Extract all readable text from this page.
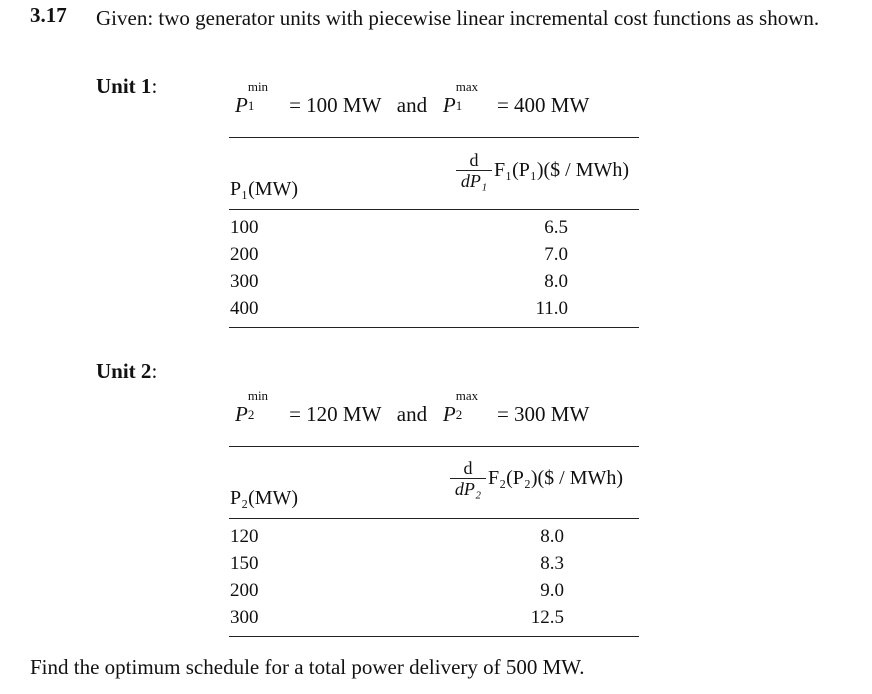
3.17 Given: two generator units with piecewise linear incremental cost functions as shown.
Unit 1:
P
min
1 = 100 MW and P
max
1 = 400 MW
P₁(MW)	$\frac{d}{\text{dP₁}}$ F₁(P₁)($ / MWh)
100
200
300
400
6.5
7.0
8.0
11.0
Unit 2:
P
min
2 = 120 MW and P
max
2 = 300 MW
P₂(MW)	$\frac{d}{\text{dP₂}}$ F₂(P₂)($ / MWh)
120
150
200
300
8.0
8.3
9.0
12.5
Find the optimum schedule for a total power delivery of 500 MW.
